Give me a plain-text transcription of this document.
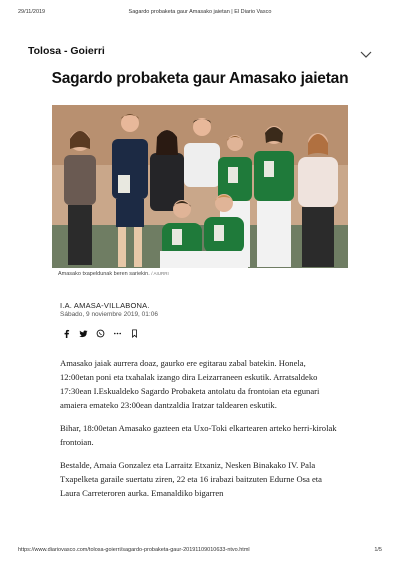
29/11/2019	Sagardo probaketa gaur Amasako jaietan | El Diario Vasco
Tolosa - Goierri
Sagardo probaketa gaur Amasako jaietan
Amasako txapeldunak beren sariekin. / AIURRI
I.A. AMASA-VILLABONA.
Sábado, 9 noviembre 2019, 01:06

Amasako jaiak aurrera doaz, gaurko ere egitarau zabal batekin. Honela, 12:00etan poni eta txahalak izango dira Leizarraneen eskutik. Arratsaldeko 17:30ean I.Eskualdeko Sagardo Probaketa antolatu da frontoian eta egunari amaiera emateko 23:00ean dantzaldia Iratzar taldearen eskutik.

Bihar, 18:00etan Amasako gazteen eta Uxo-Toki elkartearen arteko herri-kirolak frontoian.

Bestalde, Amaia Gonzalez eta Larraitz Etxaniz, Nesken Binakako IV. Pala Txapelketa garaile suertatu ziren, 22 eta 16 irabazi baitzuten Edurne Osa eta Laura Carreteroren aurka. Emanaldiko bigarren

https://www.diariovasco.com/tolosa-goierri/sagardo-probaketa-gaur-20191109010633-ntvo.html	1/5
